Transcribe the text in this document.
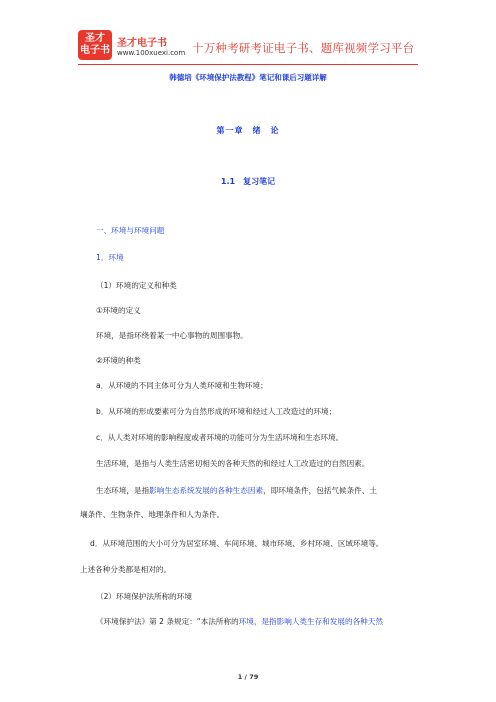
圣才
电子书
圣才电子书
www.100xuexi.com 十万种考研考证电子书、题库视频学习平台
韩德培《环境保护法教程》笔记和课后习题详解
第一章　绪　论
1.1　复习笔记
一、环境与环境问题
1．环境
（1）环境的定义和种类
①环境的定义
环境，是指环绕着某一中心事物的周围事物。
②环境的种类
a．从环境的不同主体可分为人类环境和生物环境；
b．从环境的形成要素可分为自然形成的环境和经过人工改造过的环境；
c．从人类对环境的影响程度或者环境的功能可分为生活环境和生态环境。
生活环境，是指与人类生活密切相关的各种天然的和经过人工改造过的自然因素。
生态环境，是指影响生态系统发展的各种生态因素，即环境条件，包括气候条件、土
壤条件、生物条件、地理条件和人为条件。
d．从环境范围的大小可分为居室环境、车间环境、城市环境、乡村环境、区域环境等。
上述各种分类都是相对的。
（2）环境保护法所称的环境
《环境保护法》第 2 条规定：“本法所称的环境，是指影响人类生存和发展的各种天然
1 / 79
